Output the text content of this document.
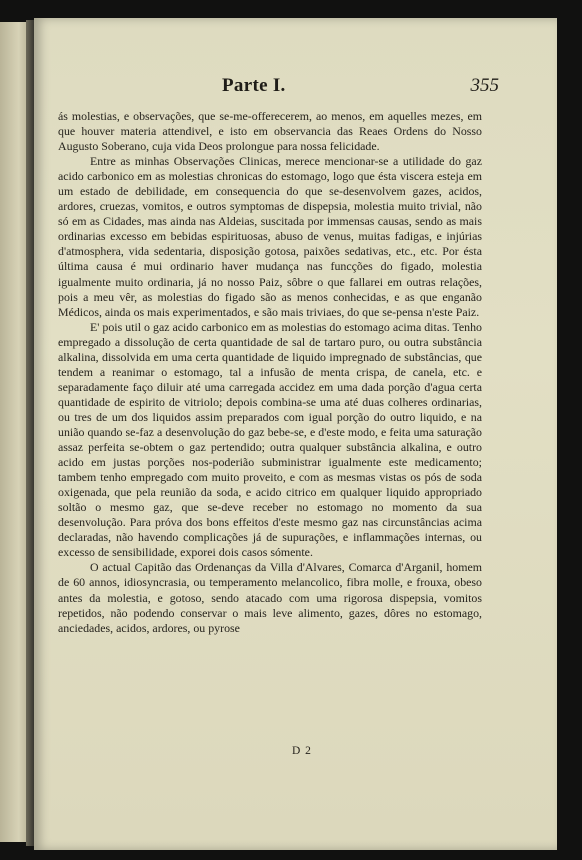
Parte I.	355

ás molestias, e observações, que se-me-offerecerem, ao menos, em aquelles mezes, em que houver materia attendivel, e isto em observancia das Reaes Ordens do Nosso Augusto Soberano, cuja vida Deos prolongue para nossa felicidade.

Entre as minhas Observações Clinicas, merece mencionar-se a utilidade do gaz acido carbonico em as molestias chronicas do estomago, logo que ésta viscera esteja em um estado de debilidade, em consequencia do que se-desenvolvem gazes, acidos, ardores, cruezas, vomitos, e outros symptomas de dispepsia, molestia muito trivial, não só em as Cidades, mas ainda nas Aldeias, suscitada por immensas causas, sendo as mais ordinarias excesso em bebidas espirituosas, abuso de venus, muitas fadigas, e injúrias d'atmosphera, vida sedentaria, disposição gotosa, paixões sedativas, etc., etc. Por ésta última causa é mui ordinario haver mudança nas funcções do figado, molestia igualmente muito ordinaria, já no nosso Paiz, sôbre o que fallarei em outras relações, pois a meu vêr, as molestias do figado são as menos conhecidas, e as que enganão Médicos, ainda os mais experimentados, e são mais triviaes, do que se-pensa n'este Paiz.

E' pois util o gaz acido carbonico em as molestias do estomago acima ditas. Tenho empregado a dissolução de certa quantidade de sal de tartaro puro, ou outra substância alkalina, dissolvida em uma certa quantidade de liquido impregnado de substâncias, que tendem a reanimar o estomago, tal a infusão de menta crispa, de canela, etc. e separadamente faço diluir até uma carregada accidez em uma dada porção d'agua certa quantidade de espirito de vitriolo; depois combina-se uma até duas colheres ordinarias, ou tres de um dos liquidos assim preparados com igual porção do outro liquido, e na união quando se-faz a desenvolução do gaz bebe-se, e d'este modo, e feita uma saturação assaz perfeita se-obtem o gaz pertendido; outra qualquer substância alkalina, e outro acido em justas porções nos-poderião subministrar igualmente este medicamento; tambem tenho empregado com muito proveito, e com as mesmas vistas os pós de soda oxigenada, que pela reunião da soda, e acido citrico em qualquer liquido appropriado soltão o mesmo gaz, que se-deve receber no estomago no momento da sua desenvolução. Para próva dos bons effeitos d'este mesmo gaz nas circunstâncias acima declaradas, não havendo complicações já de supurações, e inflammações internas, ou excesso de sensibilidade, exporei dois casos sómente.

O actual Capitão das Ordenanças da Villa d'Alvares, Comarca d'Arganil, homem de 60 annos, idiosyncrasia, ou temperamento melancolico, fibra molle, e frouxa, obeso antes da molestia, e gotoso, sendo atacado com uma rigorosa dispepsia, vomitos repetidos, não podendo conservar o mais leve alimento, gazes, dôres no estomago, anciedades, acidos, ardores, ou pyrose

D 2
